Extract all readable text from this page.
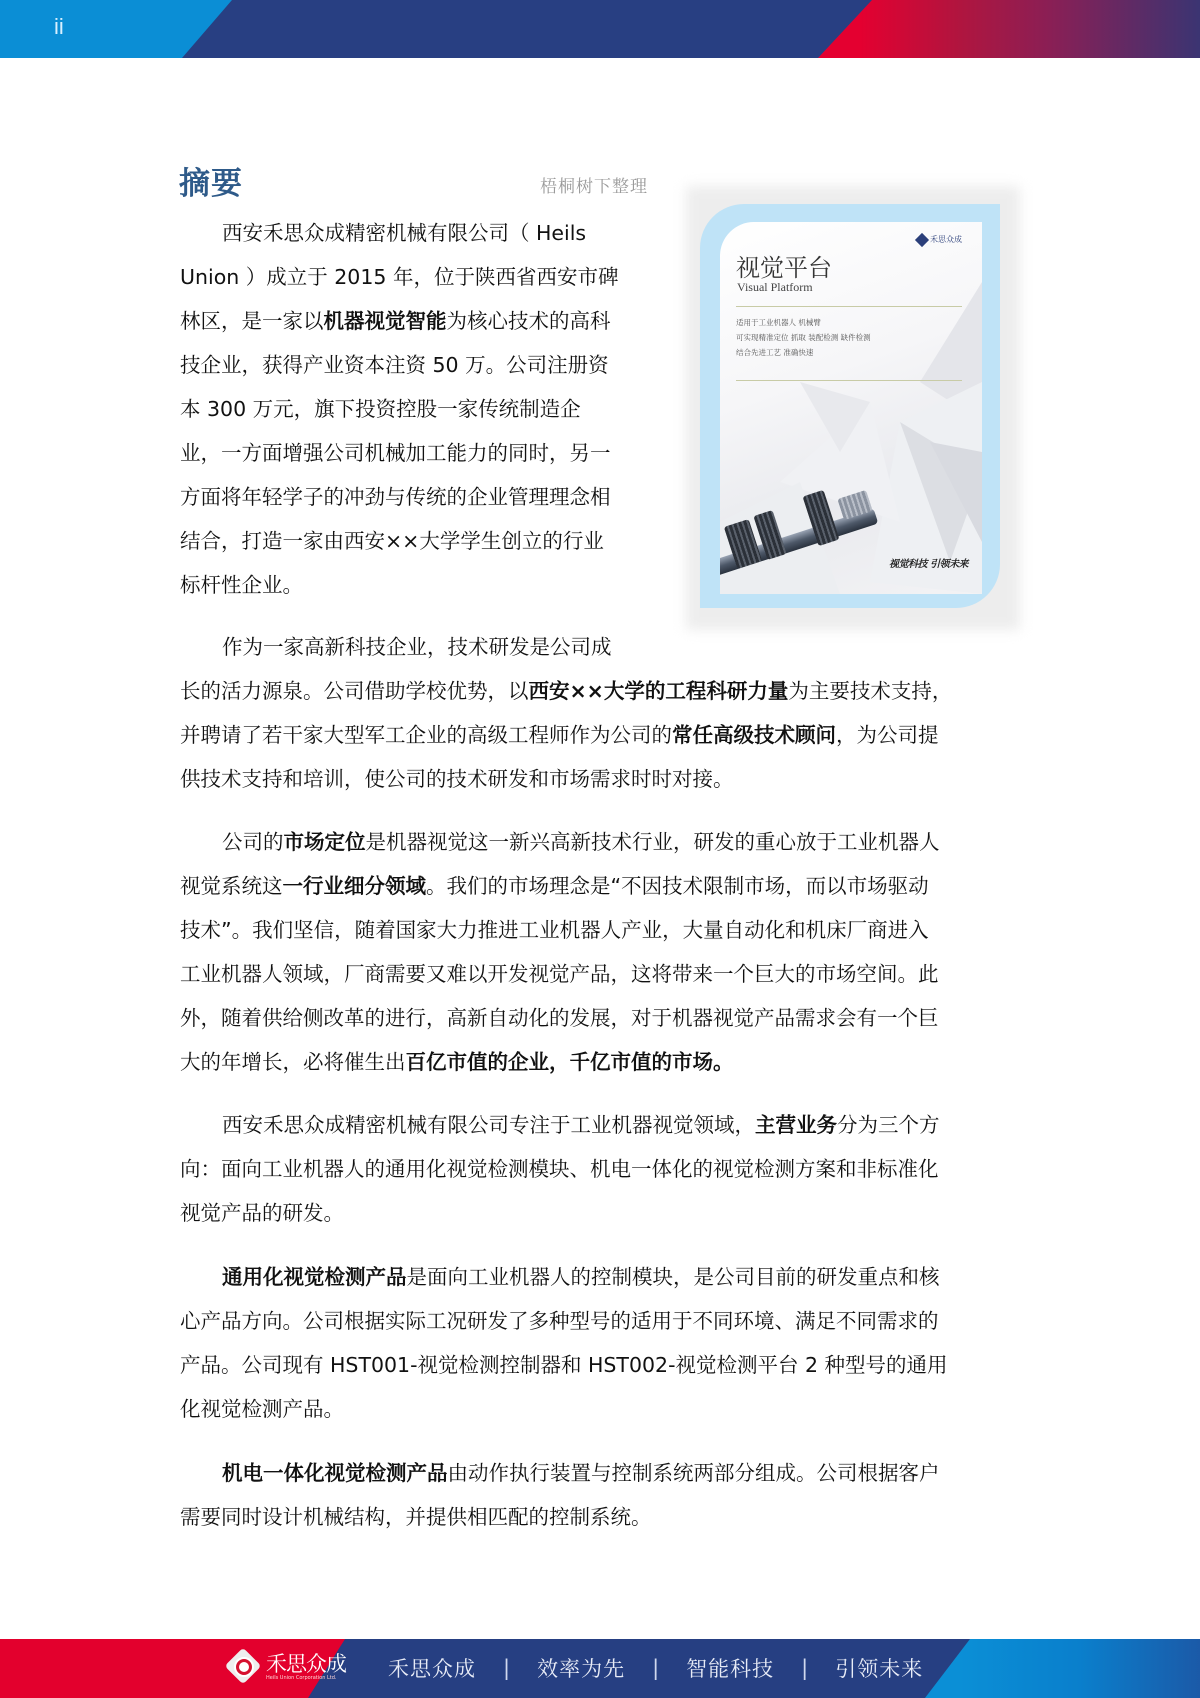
ii
摘要	梧桐树下整理
禾思众成
视觉平台
Visual Platform
适用于工业机器人 机械臂
可实现精准定位 抓取 装配检测 缺件检测
结合先进工艺 准确快速
视觉科技 引领未来
西安禾思众成精密机械有限公司（ Heils
Union ）成立于 2015 年，位于陕西省西安市碑
林区，是一家以机器视觉智能为核心技术的高科
技企业，获得产业资本注资 50 万。公司注册资
本 300 万元，旗下投资控股一家传统制造企
业，一方面增强公司机械加工能力的同时，另一
方面将年轻学子的冲劲与传统的企业管理理念相
结合，打造一家由西安××大学学生创立的行业
标杆性企业。
作为一家高新科技企业，技术研发是公司成
长的活力源泉。公司借助学校优势，以西安××大学的工程科研力量为主要技术支持，
并聘请了若干家大型军工企业的高级工程师作为公司的常任高级技术顾问，为公司提
供技术支持和培训，使公司的技术研发和市场需求时时对接。
公司的市场定位是机器视觉这一新兴高新技术行业，研发的重心放于工业机器人
视觉系统这一行业细分领域。我们的市场理念是“不因技术限制市场，而以市场驱动
技术”。我们坚信，随着国家大力推进工业机器人产业，大量自动化和机床厂商进入
工业机器人领域，厂商需要又难以开发视觉产品，这将带来一个巨大的市场空间。此
外，随着供给侧改革的进行，高新自动化的发展，对于机器视觉产品需求会有一个巨
大的年增长，必将催生出百亿市值的企业，千亿市值的市场。
西安禾思众成精密机械有限公司专注于工业机器视觉领域，主营业务分为三个方
向：面向工业机器人的通用化视觉检测模块、机电一体化的视觉检测方案和非标准化
视觉产品的研发。
通用化视觉检测产品是面向工业机器人的控制模块，是公司目前的研发重点和核
心产品方向。公司根据实际工况研发了多种型号的适用于不同环境、满足不同需求的
产品。公司现有 HST001-视觉检测控制器和 HST002-视觉检测平台 2 种型号的通用
化视觉检测产品。
机电一体化视觉检测产品由动作执行装置与控制系统两部分组成。公司根据客户
需要同时设计机械结构，并提供相匹配的控制系统。
禾思众成
Heils Union Corporation Ltd.	禾思众成 | 效率为先 | 智能科技 | 引领未来
